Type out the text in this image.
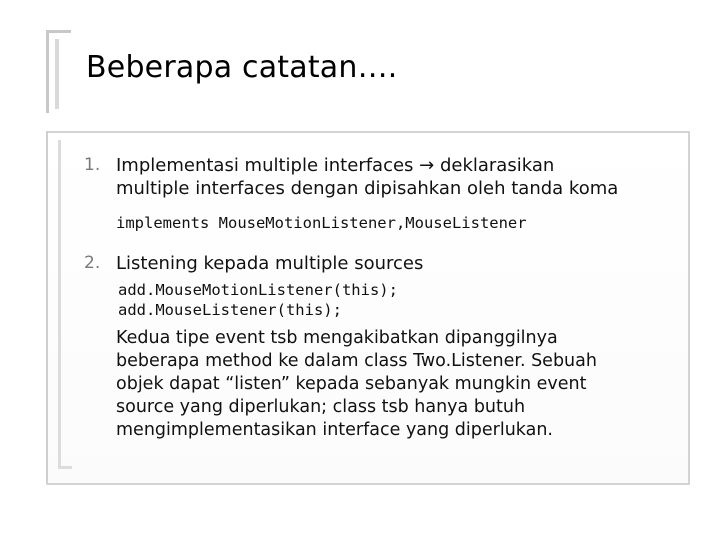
Beberapa catatan….
1. Implementasi multiple interfaces → deklarasikan
multiple interfaces dengan dipisahkan oleh tanda koma
implements MouseMotionListener,MouseListener
2. Listening kepada multiple sources
add.MouseMotionListener(this);
add.MouseListener(this);
Kedua tipe event tsb mengakibatkan dipanggilnya
beberapa method ke dalam class Two.Listener. Sebuah
objek dapat “listen” kepada sebanyak mungkin event
source yang diperlukan; class tsb hanya butuh
mengimplementasikan interface yang diperlukan.
